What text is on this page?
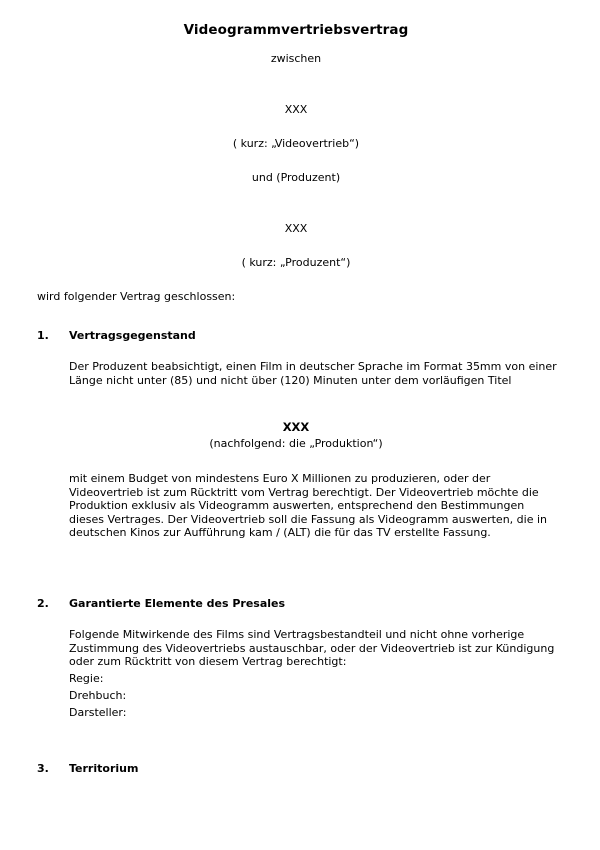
Videogrammvertriebsvertrag
zwischen
XXX
( kurz: „Videovertrieb“)
und (Produzent)
XXX
( kurz: „Produzent“)
wird folgender Vertrag geschlossen:
1. Vertragsgegenstand
Der Produzent beabsichtigt, einen Film in deutscher Sprache im Format 35mm von einer Länge nicht unter (85) und nicht über (120) Minuten unter dem vorläufigen Titel
XXX
(nachfolgend: die „Produktion“)
mit einem Budget von mindestens Euro X Millionen zu produzieren, oder der Videovertrieb ist zum Rücktritt vom Vertrag berechtigt. Der Videovertrieb möchte die Produktion exklusiv als Videogramm auswerten, entsprechend den Bestimmungen dieses Vertrages. Der Videovertrieb soll die Fassung als Videogramm auswerten, die in deutschen Kinos zur Aufführung kam / (ALT) die für das TV erstellte Fassung.
2. Garantierte Elemente des Presales
Folgende Mitwirkende des Films sind Vertragsbestandteil und nicht ohne vorherige Zustimmung des Videovertriebs austauschbar, oder der Videovertrieb ist zur Kündigung oder zum Rücktritt von diesem Vertrag berechtigt:
Regie:
Drehbuch:
Darsteller:
3. Territorium
